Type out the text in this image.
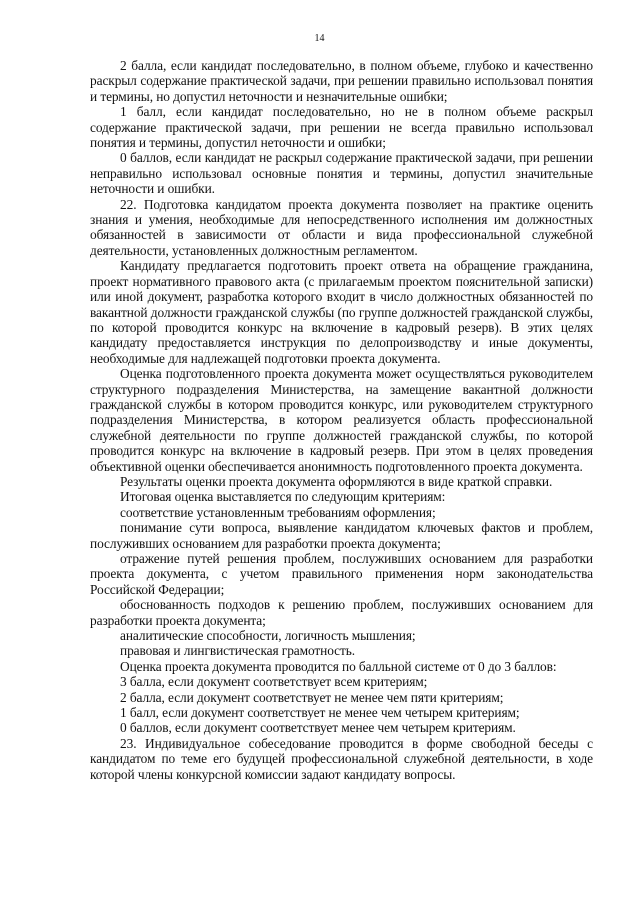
14

2 балла, если кандидат последовательно, в полном объеме, глубоко и качественно раскрыл содержание практической задачи, при решении правильно использовал понятия и термины, но допустил неточности и незначительные ошибки;

1 балл, если кандидат последовательно, но не в полном объеме раскрыл содержание практической задачи, при решении не всегда правильно использовал понятия и термины, допустил неточности и ошибки;

0 баллов, если кандидат не раскрыл содержание практической задачи, при решении неправильно использовал основные понятия и термины, допустил значительные неточности и ошибки.

22. Подготовка кандидатом проекта документа позволяет на практике оценить знания и умения, необходимые для непосредственного исполнения им должностных обязанностей в зависимости от области и вида профессиональной служебной деятельности, установленных должностным регламентом.

Кандидату предлагается подготовить проект ответа на обращение гражданина, проект нормативного правового акта (с прилагаемым проектом пояснительной записки) или иной документ, разработка которого входит в число должностных обязанностей по вакантной должности гражданской службы (по группе должностей гражданской службы, по которой проводится конкурс на включение в кадровый резерв). В этих целях кандидату предоставляется инструкция по делопроизводству и иные документы, необходимые для надлежащей подготовки проекта документа.

Оценка подготовленного проекта документа может осуществляться руководителем структурного подразделения Министерства, на замещение вакантной должности гражданской службы в котором проводится конкурс, или руководителем структурного подразделения Министерства, в котором реализуется область профессиональной служебной деятельности по группе должностей гражданской службы, по которой проводится конкурс на включение в кадровый резерв. При этом в целях проведения объективной оценки обеспечивается анонимность подготовленного проекта документа.

Результаты оценки проекта документа оформляются в виде краткой справки.

Итоговая оценка выставляется по следующим критериям:

соответствие установленным требованиям оформления;

понимание сути вопроса, выявление кандидатом ключевых фактов и проблем, послуживших основанием для разработки проекта документа;

отражение путей решения проблем, послуживших основанием для разработки проекта документа, с учетом правильного применения норм законодательства Российской Федерации;

обоснованность подходов к решению проблем, послуживших основанием для разработки проекта документа;

аналитические способности, логичность мышления;

правовая и лингвистическая грамотность.

Оценка проекта документа проводится по балльной системе от 0 до 3 баллов:

3 балла, если документ соответствует всем критериям;

2 балла, если документ соответствует не менее чем пяти критериям;

1 балл, если документ соответствует не менее чем четырем критериям;

0 баллов, если документ соответствует менее чем четырем критериям.

23. Индивидуальное собеседование проводится в форме свободной беседы с кандидатом по теме его будущей профессиональной служебной деятельности, в ходе которой члены конкурсной комиссии задают кандидату вопросы.
